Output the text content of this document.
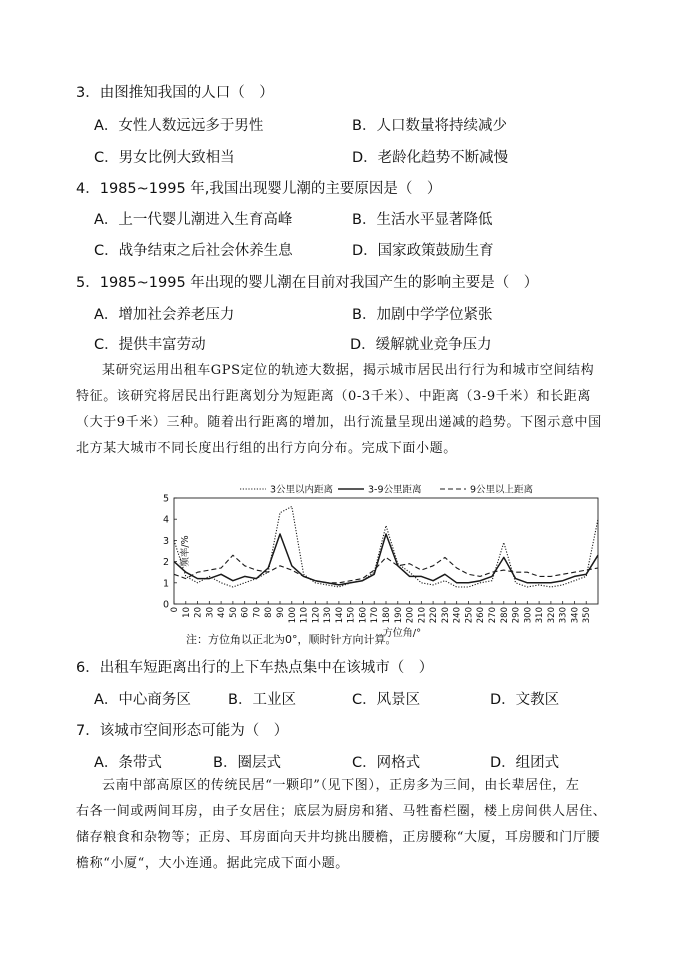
3．由图推知我国的人口（　）
A．女性人数远远多于男性	B．人口数量将持续减少
C．男女比例大致相当	D．老龄化趋势不断减慢
4．1985~1995 年,我国出现婴儿潮的主要原因是（　）
A．上一代婴儿潮进入生育高峰	B．生活水平显著降低
C．战争结束之后社会休养生息	D．国家政策鼓励生育
5．1985~1995 年出现的婴儿潮在目前对我国产生的影响主要是（　）
A．增加社会养老压力	B．加剧中学学位紧张
C．提供丰富劳动	D．缓解就业竞争压力

某研究运用出租车GPS定位的轨迹大数据，揭示城市居民出行行为和城市空间结构

特征。该研究将居民出行距离划分为短距离（0-3千米）、中距离（3-9千米）和长距离

（大于9千米）三种。随着出行距离的增加，出行流量呈现出递减的趋势。下图示意中国

北方某大城市不同长度出行组的出行方向分布。完成下面小题。

3公里以内距离	3-9公里距离	9公里以上距离
0
1
2
3
4
5
0 10 20 30 40 50 60 70 80 90 100 110 120 130 140 150 160 170 180 190 200 210 220 230 240 250 260 270 280 290 300 310 320 330 340 350
频率/%
方位角/°
注：方位角以正北为0°，顺时针方向计算。
6．出租车短距离出行的上下车热点集中在该城市（　）
A．中心商务区	B．工业区	C．风景区	D．文教区
7．该城市空间形态可能为（　）
A．条带式	B．圈层式	C．网格式	D．组团式

云南中部高原区的传统民居“一颗印”（见下图），正房多为三间，由长辈居住，左

右各一间或两间耳房，由子女居住；底层为厨房和猪、马牲畜栏圈，楼上房间供人居住、

储存粮食和杂物等；正房、耳房面向天井均挑出腰檐，正房腰称“大厦，耳房腰和门厅腰

檐称“小厦“，大小连通。据此完成下面小题。
